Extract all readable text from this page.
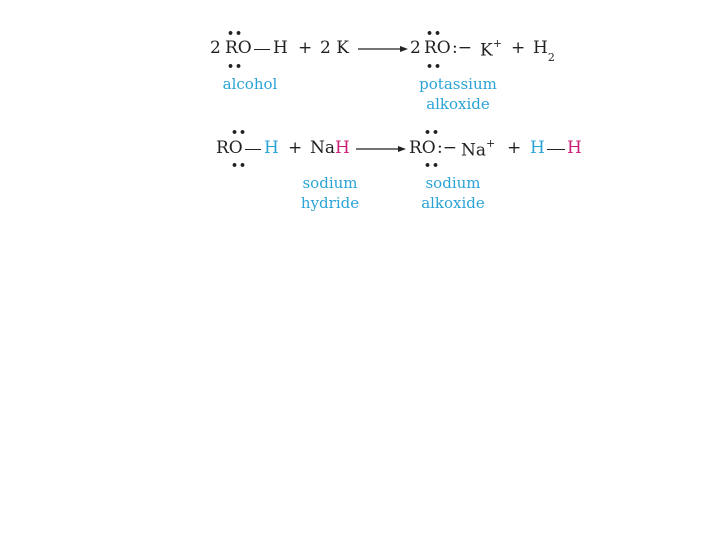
2
••
RO
••
H + 2 K → 2
••
RO
••
:− $K^+ + H_2$
alcohol	potassium
alkoxide
••
RO
••
H + NaH →
••
RO
••
:− Na+ + H H
sodium
hydride
sodium
alkoxide
